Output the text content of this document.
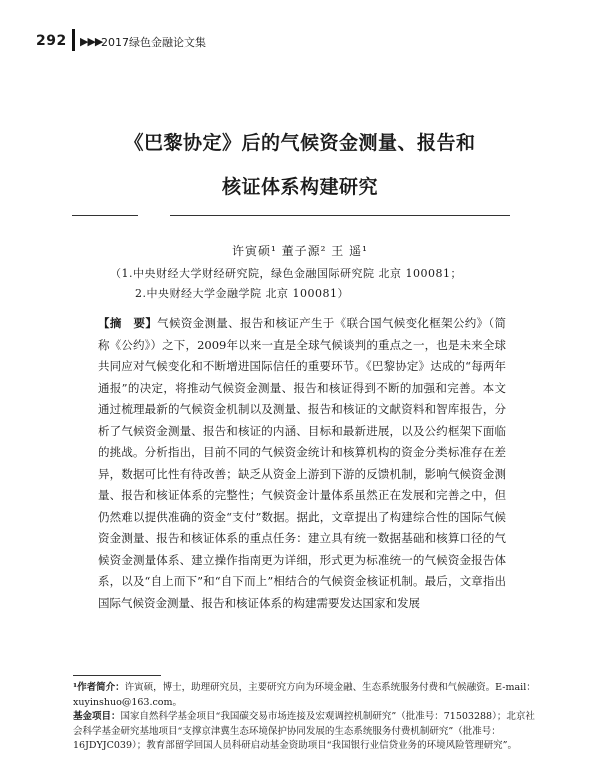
292 ▶▶▶
2017绿色金融论文集
《巴黎协定》后的气候资金测量、报告和
核证体系构建研究
许寅硕¹ 董子源² 王 遥¹
（1.中央财经大学财经研究院，绿色金融国际研究院 北京 100081；
2.中央财经大学金融学院 北京 100081）

【摘　要】气候资金测量、报告和核证产生于《联合国气候变化框架公约》（简称《公约》）之下，2009年以来一直是全球气候谈判的重点之一，也是未来全球共同应对气候变化和不断增进国际信任的重要环节。《巴黎协定》达成的“每两年通报”的决定，将推动气候资金测量、报告和核证得到不断的加强和完善。本文通过梳理最新的气候资金机制以及测量、报告和核证的文献资料和智库报告，分析了气候资金测量、报告和核证的内涵、目标和最新进展，以及公约框架下面临的挑战。分析指出，目前不同的气候资金统计和核算机构的资金分类标准存在差异，数据可比性有待改善；缺乏从资金上游到下游的反馈机制，影响气候资金测量、报告和核证体系的完整性；气候资金计量体系虽然正在发展和完善之中，但仍然难以提供准确的资金“支付”数据。据此，文章提出了构建综合性的国际气候资金测量、报告和核证体系的重点任务：建立具有统一数据基础和核算口径的气候资金测量体系、建立操作指南更为详细，形式更为标准统一的气候资金报告体系，以及“自上而下”和“自下而上”相结合的气候资金核证机制。最后，文章指出国际气候资金测量、报告和核证体系的构建需要发达国家和发展

¹作者简介：许寅硕，博士，助理研究员，主要研究方向为环境金融、生态系统服务付费和气候融资。E-mail：xuyinshuo@163.com。
基金项目：国家自然科学基金项目“我国碳交易市场连接及宏观调控机制研究”（批准号：71503288）；北京社会科学基金研究基地项目“支撑京津冀生态环境保护协同发展的生态系统服务付费机制研究”（批准号：16JDYJC039）；教育部留学回国人员科研启动基金资助项目“我国银行业信贷业务的环境风险管理研究”。
